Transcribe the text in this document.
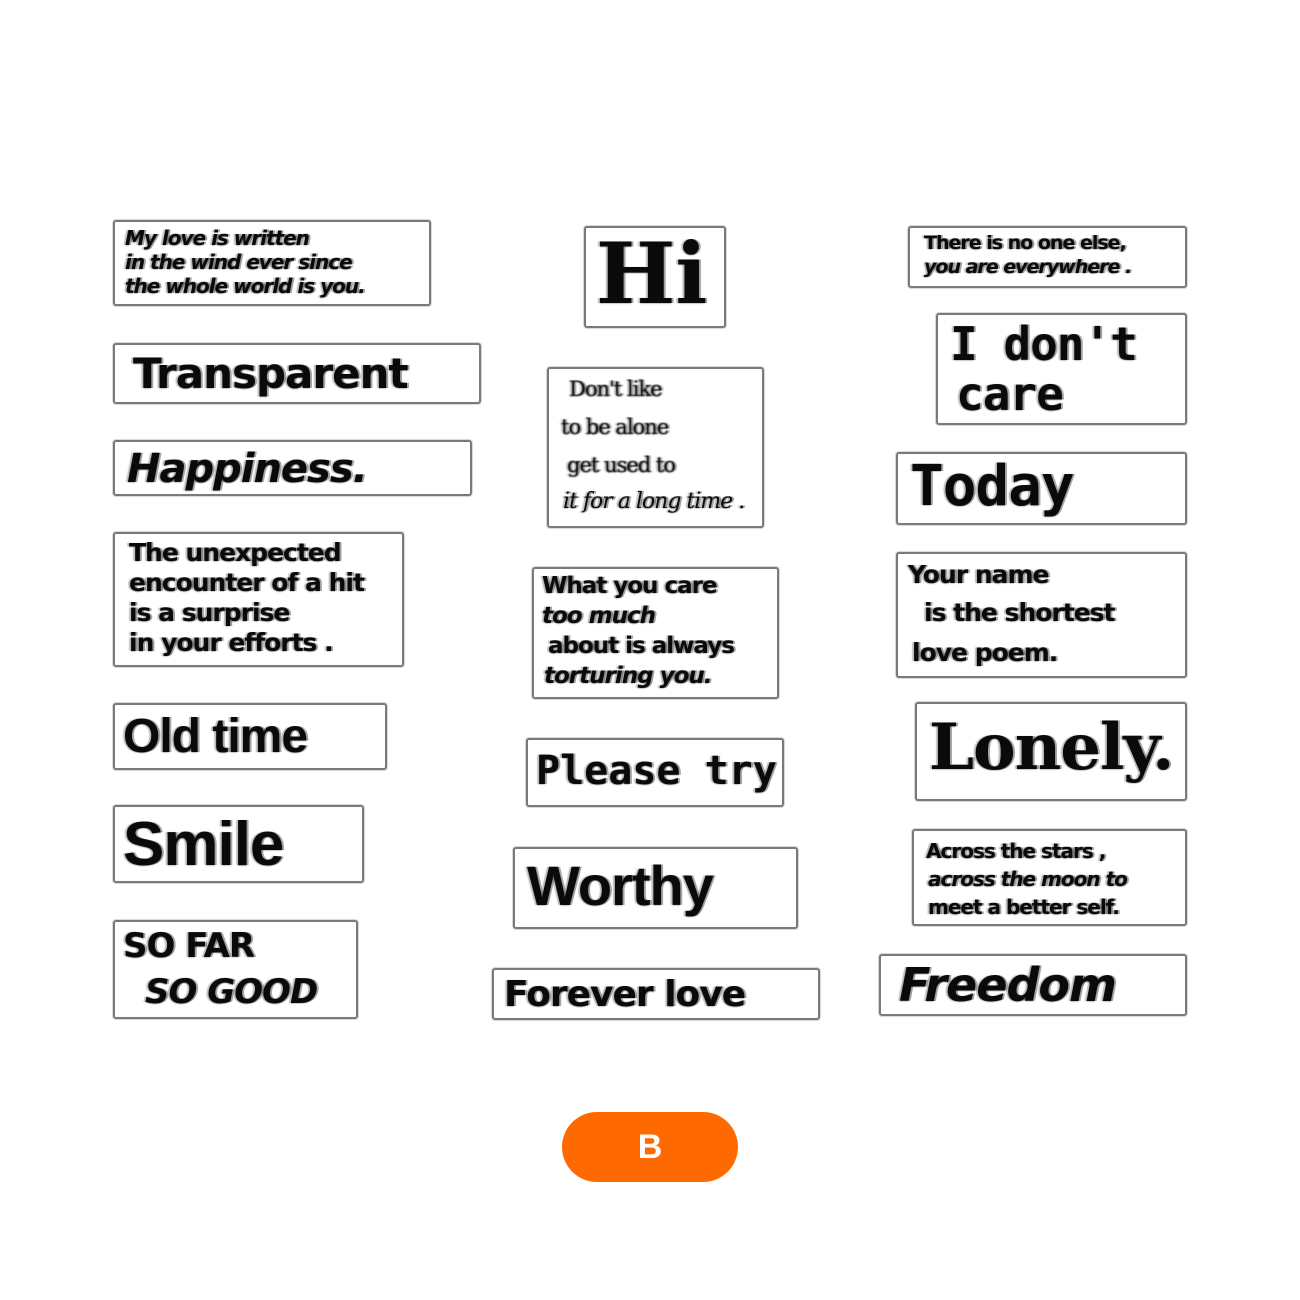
My love is written
in the wind ever since
the whole world is you.
Transparent
Happiness.
The unexpected
encounter of a hit
is a surprise
in your efforts .
Old time
Smile
SO FAR
SO GOOD
Hi
Don't like
to be alone
get used to
it for a long time .
What you care
too much
about is always
torturing you.
Please try
Worthy
Forever love
There is no one else,
you are everywhere .
I don't
care
Today
Your name
is the shortest
love poem.
Lonely.
Across the stars ,
across the moon to
meet a better self.
Freedom
B
